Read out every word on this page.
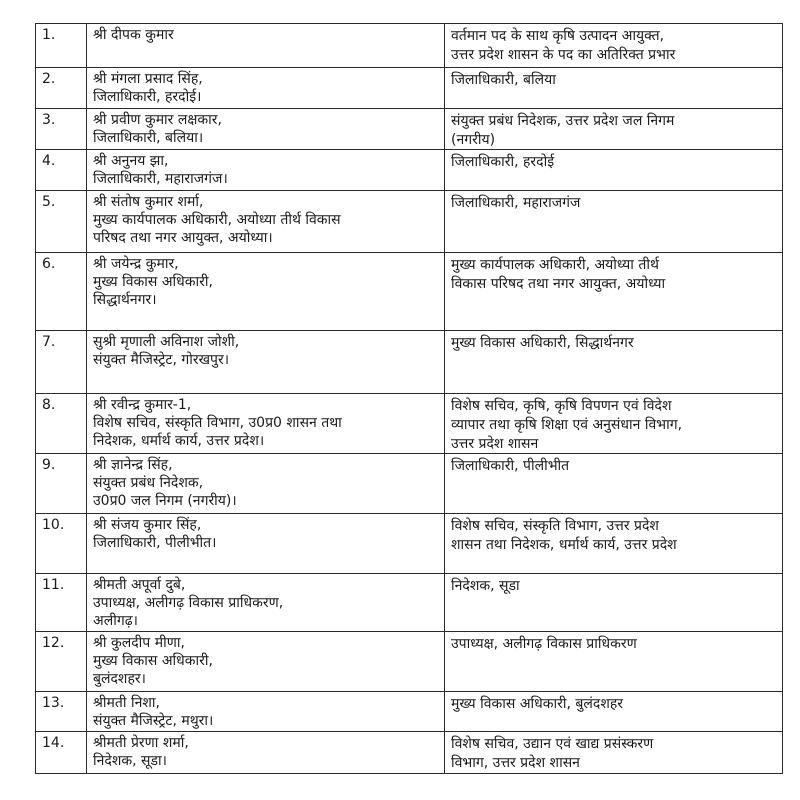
1.	श्री दीपक कुमार	वर्तमान पद के साथ कृषि उत्पादन आयुक्त,
उत्तर प्रदेश शासन के पद का अतिरिक्त प्रभार

2.	श्री मंगला प्रसाद सिंह,
जिलाधिकारी, हरदोई।	जिलाधिकारी, बलिया

3.	श्री प्रवीण कुमार लक्षकार,
जिलाधिकारी, बलिया।	संयुक्त प्रबंध निदेशक, उत्तर प्रदेश जल निगम
(नगरीय)

4.	श्री अनुनय झा,
जिलाधिकारी, महाराजगंज।	जिलाधिकारी, हरदोई

5.	श्री संतोष कुमार शर्मा,
मुख्य कार्यपालक अधिकारी, अयोध्या तीर्थ विकास
परिषद तथा नगर आयुक्त, अयोध्या।	जिलाधिकारी, महाराजगंज

6.	श्री जयेन्द्र कुमार,
मुख्य विकास अधिकारी,
सिद्धार्थनगर।	मुख्य कार्यपालक अधिकारी, अयोध्या तीर्थ
विकास परिषद तथा नगर आयुक्त, अयोध्या

7.	सुश्री मृणाली अविनाश जोशी,
संयुक्त मैजिस्ट्रेट, गोरखपुर।	मुख्य विकास अधिकारी, सिद्धार्थनगर

8.	श्री रवीन्द्र कुमार-1,
विशेष सचिव, संस्कृति विभाग, उ0प्र0 शासन तथा
निदेशक, धर्मार्थ कार्य, उत्तर प्रदेश।	विशेष सचिव, कृषि, कृषि विपणन एवं विदेश
व्यापार तथा कृषि शिक्षा एवं अनुसंधान विभाग,
उत्तर प्रदेश शासन

9.	श्री ज्ञानेन्द्र सिंह,
संयुक्त प्रबंध निदेशक,
उ0प्र0 जल निगम (नगरीय)।	जिलाधिकारी, पीलीभीत

10.	श्री संजय कुमार सिंह,
जिलाधिकारी, पीलीभीत।	विशेष सचिव, संस्कृति विभाग, उत्तर प्रदेश
शासन तथा निदेशक, धर्मार्थ कार्य, उत्तर प्रदेश

11.	श्रीमती अपूर्वा दुबे,
उपाध्यक्ष, अलीगढ़ विकास प्राधिकरण,
अलीगढ़।	निदेशक, सूडा

12.	श्री कुलदीप मीणा,
मुख्य विकास अधिकारी,
बुलंदशहर।	उपाध्यक्ष, अलीगढ़ विकास प्राधिकरण

13.	श्रीमती निशा,
संयुक्त मैजिस्ट्रेट, मथुरा।	मुख्य विकास अधिकारी, बुलंदशहर

14.	श्रीमती प्रेरणा शर्मा,
निदेशक, सूडा।	विशेष सचिव, उद्यान एवं खाद्य प्रसंस्करण
विभाग, उत्तर प्रदेश शासन
